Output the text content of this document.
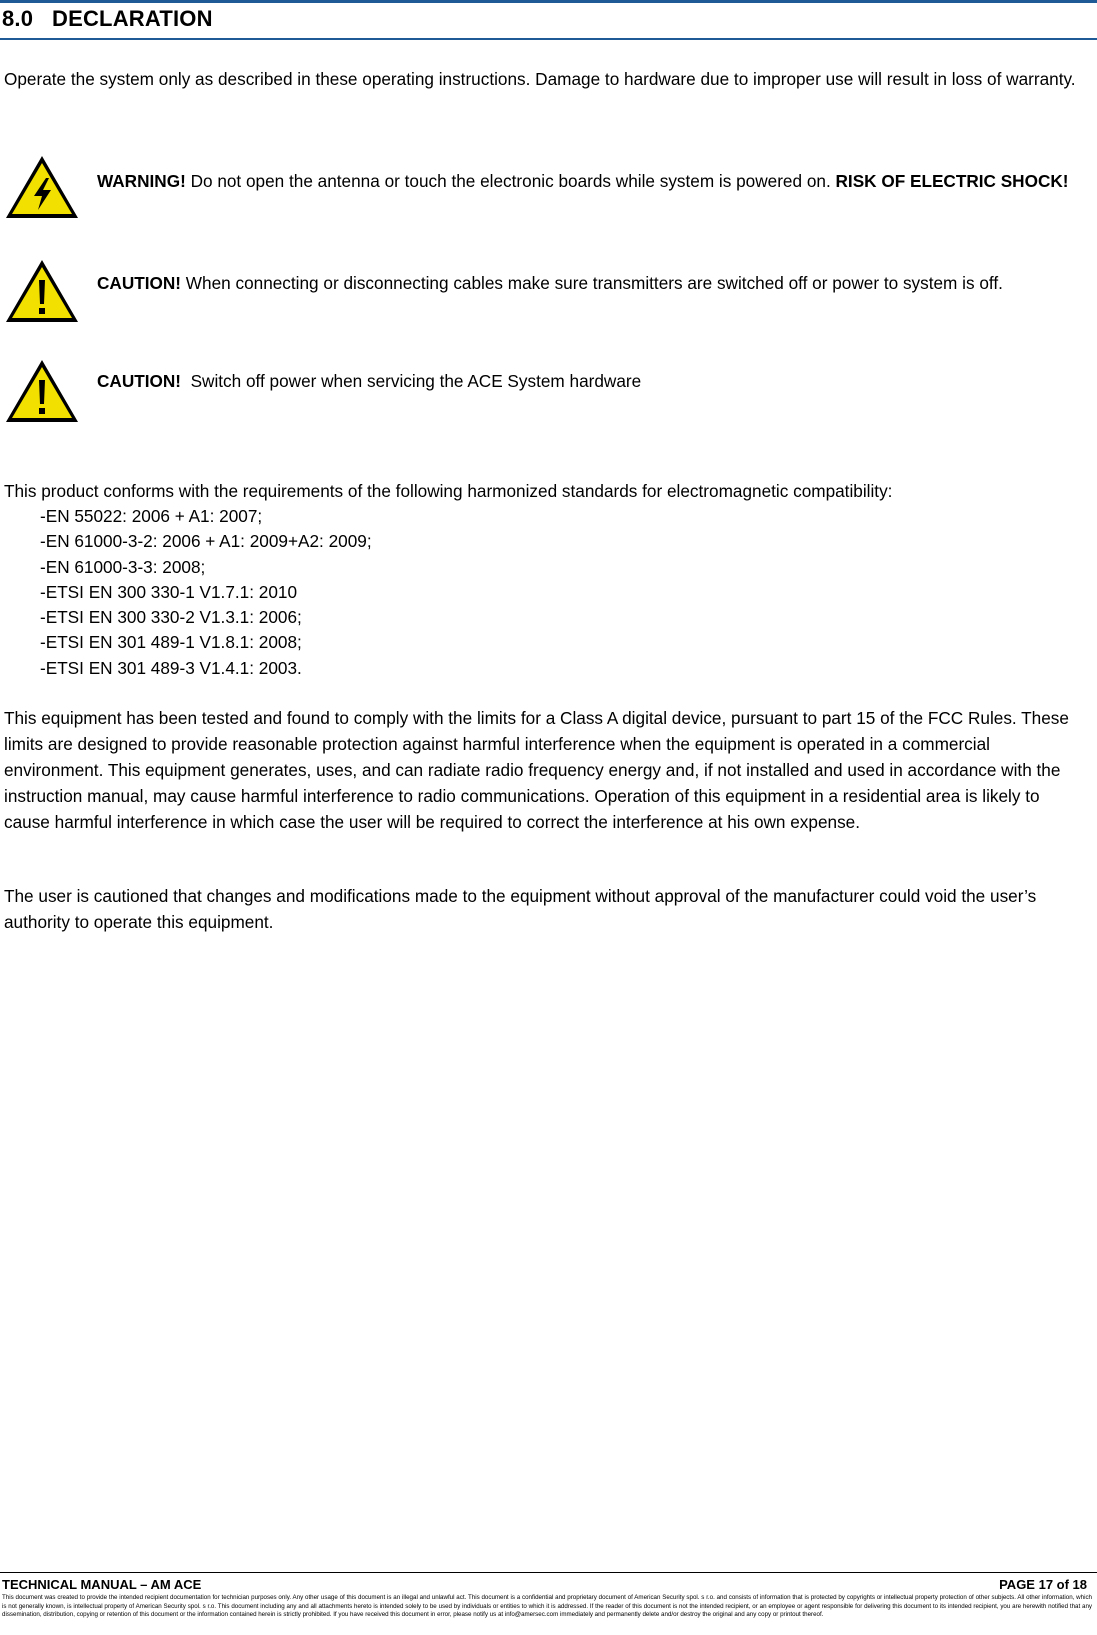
8.0 DECLARATION
Operate the system only as described in these operating instructions. Damage to hardware due to improper use will result in loss of warranty.
WARNING! Do not open the antenna or touch the electronic boards while system is powered on. RISK OF ELECTRIC SHOCK!
CAUTION! When connecting or disconnecting cables make sure transmitters are switched off or power to system is off.
CAUTION!  Switch off power when servicing the ACE System hardware
This product conforms with the requirements of the following harmonized standards for electromagnetic compatibility:
-EN 55022: 2006 + A1: 2007;
-EN 61000-3-2: 2006 + A1: 2009+A2: 2009;
-EN 61000-3-3: 2008;
-ETSI EN 300 330-1 V1.7.1: 2010
-ETSI EN 300 330-2 V1.3.1: 2006;
-ETSI EN 301 489-1 V1.8.1: 2008;
-ETSI EN 301 489-3 V1.4.1: 2003.
This equipment has been tested and found to comply with the limits for a Class A digital device, pursuant to part 15 of the FCC Rules. These limits are designed to provide reasonable protection against harmful interference when the equipment is operated in a commercial environment. This equipment generates, uses, and can radiate radio frequency energy and, if not installed and used in accordance with the instruction manual, may cause harmful interference to radio communications. Operation of this equipment in a residential area is likely to cause harmful interference in which case the user will be required to correct the interference at his own expense.
The user is cautioned that changes and modifications made to the equipment without approval of the manufacturer could void the user’s authority to operate this equipment.
TECHNICAL MANUAL – AM ACE	PAGE 17 of 18
This document was created to provide the intended recipient documentation for technician purposes only. Any other usage of this document is an illegal and unlawful act. This document is a confidential and proprietary document of American Security spol. s r.o. and consists of information that is protected by copyrights or intellectual property protection of other subjects. All other information, which is not generally known, is intellectual property of American Security spol. s r.o. This document including any and all attachments hereto is intended solely to be used by individuals or entities to which it is addressed. If the reader of this document is not the intended recipient, or an employee or agent responsible for delivering this document to its intended recipient, you are herewith notified that any dissemination, distribution, copying or retention of this document or the information contained herein is strictly prohibited. If you have received this document in error, please notify us at info@amersec.com immediately and permanently delete and/or destroy the original and any copy or printout thereof.
